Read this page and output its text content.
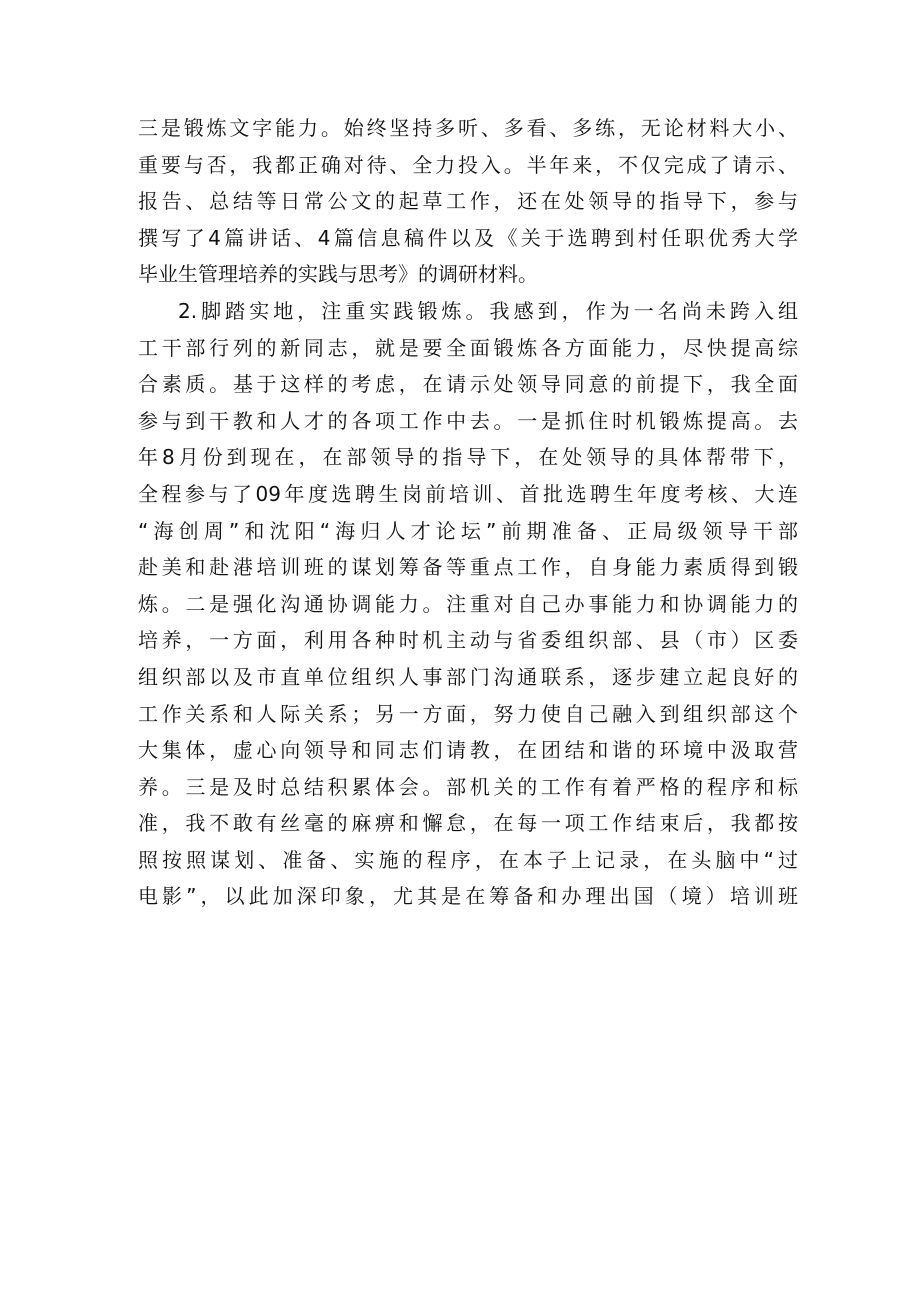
三是锻炼文字能力。始终坚持多听、多看、多练，无论材料大小、
重要与否，我都正确对待、全力投入。半年来，不仅完成了请示、
报告、总结等日常公文的起草工作，还在处领导的指导下，参与
撰写了4篇讲话、4篇信息稿件以及《关于选聘到村任职优秀大学
毕业生管理培养的实践与思考》的调研材料。
2.脚踏实地，注重实践锻炼。我感到，作为一名尚未跨入组
工干部行列的新同志，就是要全面锻炼各方面能力，尽快提高综
合素质。基于这样的考虑，在请示处领导同意的前提下，我全面
参与到干教和人才的各项工作中去。一是抓住时机锻炼提高。去
年8月份到现在，在部领导的指导下，在处领导的具体帮带下，
全程参与了09年度选聘生岗前培训、首批选聘生年度考核、大连
“海创周”和沈阳“海归人才论坛”前期准备、正局级领导干部
赴美和赴港培训班的谋划筹备等重点工作，自身能力素质得到锻
炼。二是强化沟通协调能力。注重对自己办事能力和协调能力的
培养，一方面，利用各种时机主动与省委组织部、县（市）区委
组织部以及市直单位组织人事部门沟通联系，逐步建立起良好的
工作关系和人际关系；另一方面，努力使自己融入到组织部这个
大集体，虚心向领导和同志们请教，在团结和谐的环境中汲取营
养。三是及时总结积累体会。部机关的工作有着严格的程序和标
准，我不敢有丝毫的麻痹和懈怠，在每一项工作结束后，我都按
照按照谋划、准备、实施的程序，在本子上记录，在头脑中“过
电影”，以此加深印象，尤其是在筹备和办理出国（境）培训班
